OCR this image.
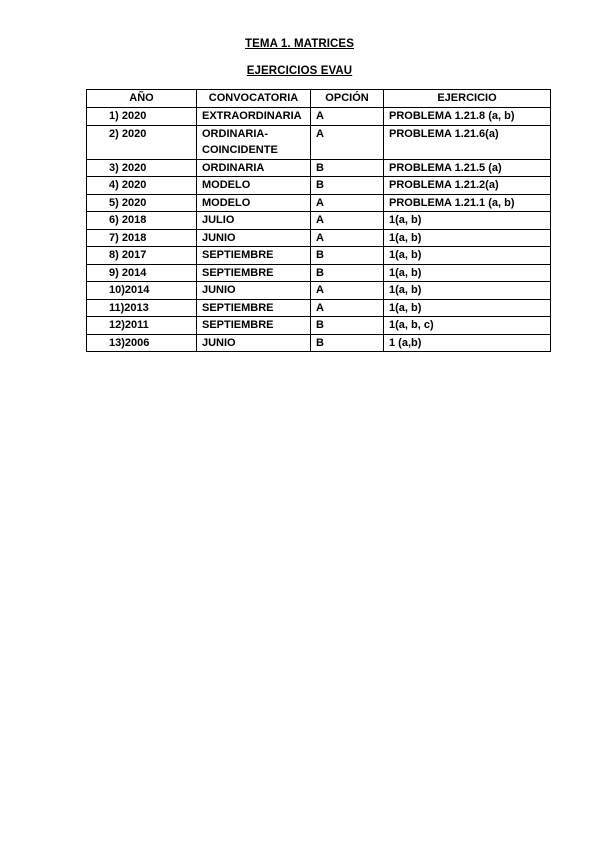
TEMA 1. MATRICES
EJERCICIOS EVAU
AÑO	CONVOCATORIA	OPCIÓN	EJERCICIO
1) 2020	EXTRAORDINARIA	A	PROBLEMA 1.21.8 (a, b)
2) 2020	ORDINARIA-COINCIDENTE	A	PROBLEMA 1.21.6(a)
3) 2020	ORDINARIA	B	PROBLEMA 1.21.5 (a)
4) 2020	MODELO	B	PROBLEMA 1.21.2(a)
5) 2020	MODELO	A	PROBLEMA 1.21.1 (a, b)
6) 2018	JULIO	A	1(a, b)
7) 2018	JUNIO	A	1(a, b)
8) 2017	SEPTIEMBRE	B	1(a, b)
9) 2014	SEPTIEMBRE	B	1(a, b)
10)2014	JUNIO	A	1(a, b)
11)2013	SEPTIEMBRE	A	1(a, b)
12)2011	SEPTIEMBRE	B	1(a, b, c)
13)2006	JUNIO	B	1 (a,b)
